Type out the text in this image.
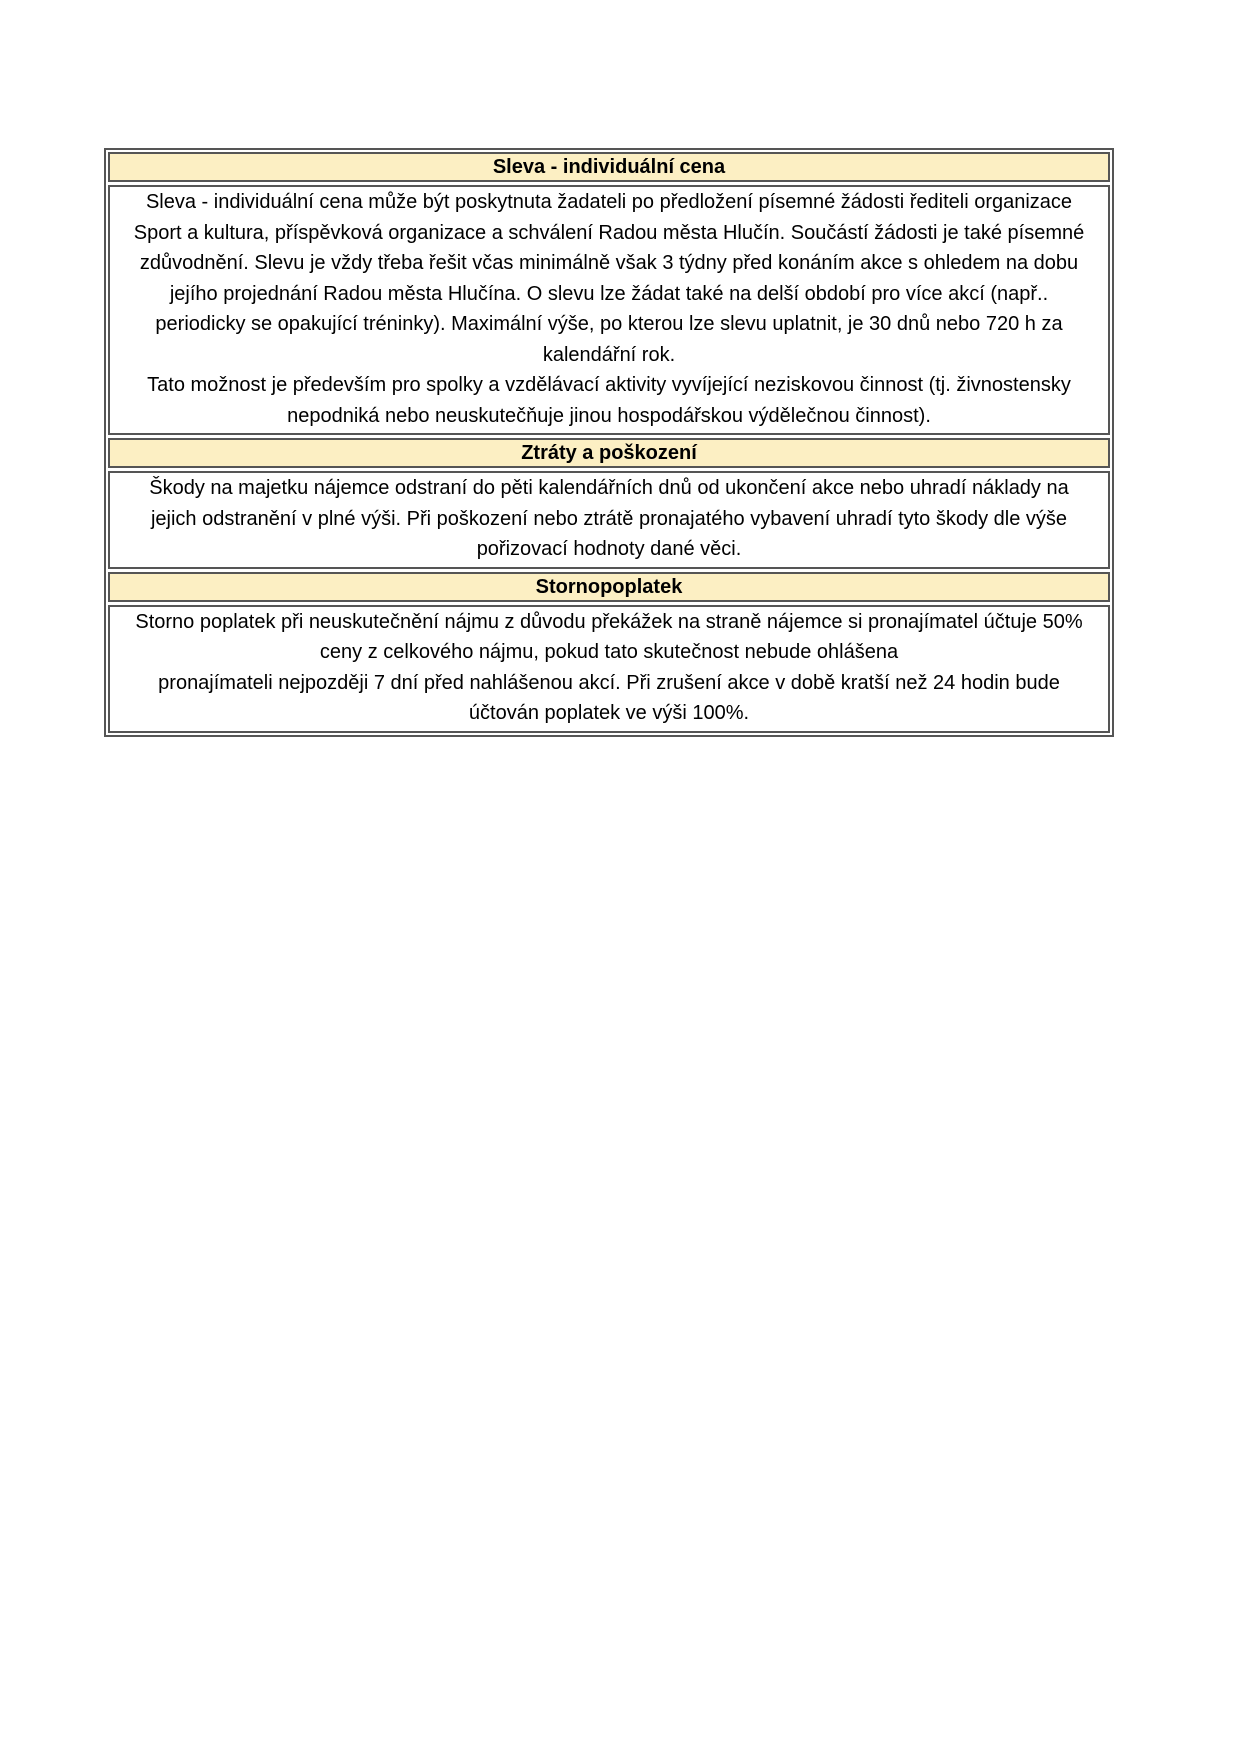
Sleva - individuální cena
Sleva - individuální cena může být poskytnuta žadateli po předložení písemné žádosti řediteli organizace
Sport a kultura, příspěvková organizace a schválení Radou města Hlučín. Součástí žádosti je také písemné
zdůvodnění. Slevu je vždy třeba řešit včas minimálně však 3 týdny před konáním akce s ohledem na dobu
jejího projednání Radou města Hlučína. O slevu lze žádat také na delší období pro více akcí (např..
periodicky se opakující tréninky). Maximální výše, po kterou lze slevu uplatnit, je 30 dnů nebo 720 h za
kalendářní rok.
Tato možnost je především pro spolky a vzdělávací aktivity vyvíjející neziskovou činnost (tj. živnostensky
nepodniká nebo neuskutečňuje jinou hospodářskou výdělečnou činnost).
Ztráty a poškození
Škody na majetku nájemce odstraní do pěti kalendářních dnů od ukončení akce nebo uhradí náklady na
jejich odstranění v plné výši. Při poškození nebo ztrátě pronajatého vybavení uhradí tyto škody dle výše
pořizovací hodnoty dané věci.
Stornopoplatek
Storno poplatek při neuskutečnění nájmu z důvodu překážek na straně nájemce si pronajímatel účtuje 50%
ceny z celkového nájmu, pokud tato skutečnost nebude ohlášena
pronajímateli nejpozději 7 dní před nahlášenou akcí. Při zrušení akce v době kratší než 24 hodin bude
účtován poplatek ve výši 100%.
